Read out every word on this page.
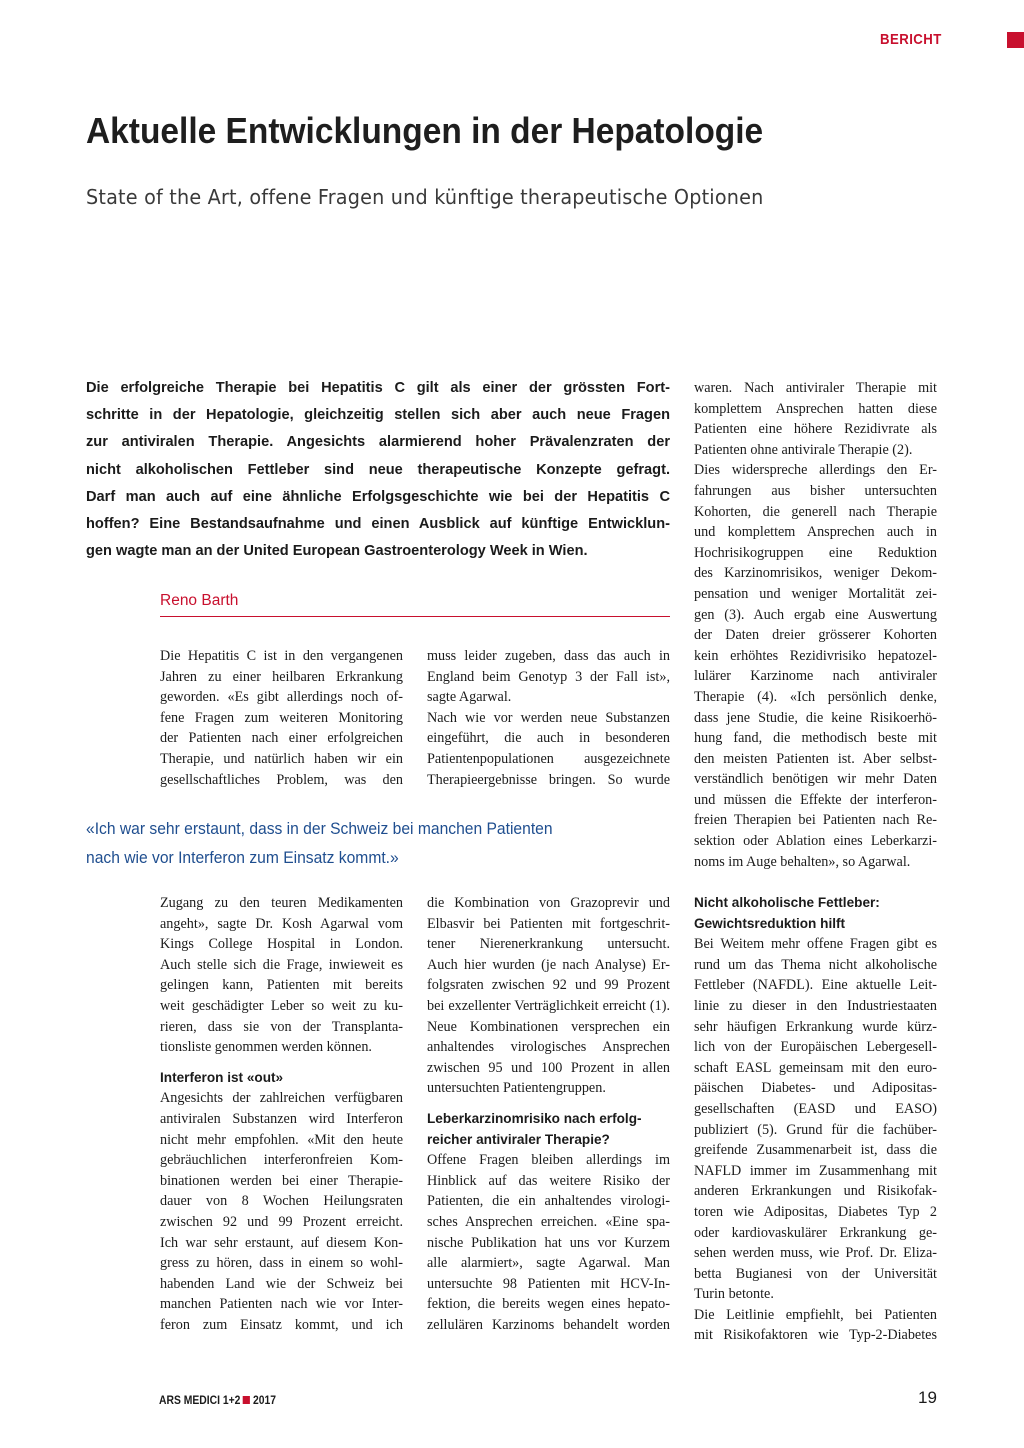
BERICHT
Aktuelle Entwicklungen in der Hepatologie
State of the Art, offene Fragen und künftige therapeutische Optionen
Die erfolgreiche Therapie bei Hepatitis C gilt als einer der grössten Fort-
schritte in der Hepatologie, gleichzeitig stellen sich aber auch neue Fragen
zur antiviralen Therapie. Angesichts alarmierend hoher Prävalenzraten der
nicht alkoholischen Fettleber sind neue therapeutische Konzepte gefragt.
Darf man auch auf eine ähnliche Erfolgsgeschichte wie bei der Hepatitis C
hoffen? Eine Bestandsaufnahme und einen Ausblick auf künftige Entwicklun-
gen wagte man an der United European Gastroenterology Week in Wien.
Reno Barth
Die Hepatitis C ist in den vergangenen
Jahren zu einer heilbaren Erkrankung
geworden. «Es gibt allerdings noch of-
fene Fragen zum weiteren Monitoring
der Patienten nach einer erfolgreichen
Therapie, und natürlich haben wir ein
gesellschaftliches Problem, was den
muss leider zugeben, dass das auch in
England beim Genotyp 3 der Fall ist»,
sagte Agarwal.
Nach wie vor werden neue Substanzen
eingeführt, die auch in besonderen
Patientenpopulationen ausgezeichnete
Therapieergebnisse bringen. So wurde
waren. Nach antiviraler Therapie mit
komplettem Ansprechen hatten diese
Patienten eine höhere Rezidivrate als
Patienten ohne antivirale Therapie (2).
Dies widerspreche allerdings den Er-
fahrungen aus bisher untersuchten
Kohorten, die generell nach Therapie
und komplettem Ansprechen auch in
Hochrisikogruppen eine Reduktion
des Karzinomrisikos, weniger Dekom-
pensation und weniger Mortalität zei-
gen (3). Auch ergab eine Auswertung
der Daten dreier grösserer Kohorten
kein erhöhtes Rezidivrisiko hepatozel-
lulärer Karzinome nach antiviraler
Therapie (4). «Ich persönlich denke,
dass jene Studie, die keine Risikoerhö-
hung fand, die methodisch beste mit
den meisten Patienten ist. Aber selbst-
verständlich benötigen wir mehr Daten
und müssen die Effekte der interferon-
freien Therapien bei Patienten nach Re-
sektion oder Ablation eines Leberkarzi-
noms im Auge behalten», so Agarwal.
«Ich war sehr erstaunt, dass in der Schweiz bei manchen Patienten
nach wie vor Interferon zum Einsatz kommt.»
Zugang zu den teuren Medikamenten
angeht», sagte Dr. Kosh Agarwal vom
Kings College Hospital in London.
Auch stelle sich die Frage, inwieweit es
gelingen kann, Patienten mit bereits
weit geschädigter Leber so weit zu ku-
rieren, dass sie von der Transplanta-
tionsliste genommen werden können.
Interferon ist «out»
Angesichts der zahlreichen verfügbaren
antiviralen Substanzen wird Interferon
nicht mehr empfohlen. «Mit den heute
gebräuchlichen interferonfreien Kom-
binationen werden bei einer Therapie-
dauer von 8 Wochen Heilungsraten
zwischen 92 und 99 Prozent erreicht.
Ich war sehr erstaunt, auf diesem Kon-
gress zu hören, dass in einem so wohl-
habenden Land wie der Schweiz bei
manchen Patienten nach wie vor Inter-
feron zum Einsatz kommt, und ich
die Kombination von Grazoprevir und
Elbasvir bei Patienten mit fortgeschrit-
tener Nierenerkrankung untersucht.
Auch hier wurden (je nach Analyse) Er-
folgsraten zwischen 92 und 99 Prozent
bei exzellenter Verträglichkeit erreicht (1).
Neue Kombinationen versprechen ein
anhaltendes virologisches Ansprechen
zwischen 95 und 100 Prozent in allen
untersuchten Patientengruppen.
Leberkarzinomrisiko nach erfolg-
reicher antiviraler Therapie?
Offene Fragen bleiben allerdings im
Hinblick auf das weitere Risiko der
Patienten, die ein anhaltendes virologi-
sches Ansprechen erreichen. «Eine spa-
nische Publikation hat uns vor Kurzem
alle alarmiert», sagte Agarwal. Man
untersuchte 98 Patienten mit HCV-In-
fektion, die bereits wegen eines hepato-
zellulären Karzinoms behandelt worden
Nicht alkoholische Fettleber:
Gewichtsreduktion hilft
Bei Weitem mehr offene Fragen gibt es
rund um das Thema nicht alkoholische
Fettleber (NAFDL). Eine aktuelle Leit-
linie zu dieser in den Industriestaaten
sehr häufigen Erkrankung wurde kürz-
lich von der Europäischen Lebergesell-
schaft EASL gemeinsam mit den euro-
päischen Diabetes- und Adipositas-
gesellschaften (EASD und EASO)
publiziert (5). Grund für die fachüber-
greifende Zusammenarbeit ist, dass die
NAFLD immer im Zusammenhang mit
anderen Erkrankungen und Risikofak-
toren wie Adipositas, Diabetes Typ 2
oder kardiovaskulärer Erkrankung ge-
sehen werden muss, wie Prof. Dr. Eliza-
betta Bugianesi von der Universität
Turin betonte.
Die Leitlinie empfiehlt, bei Patienten
mit Risikofaktoren wie Typ-2-Diabetes
ARS MEDICI 1+2 2017	19
